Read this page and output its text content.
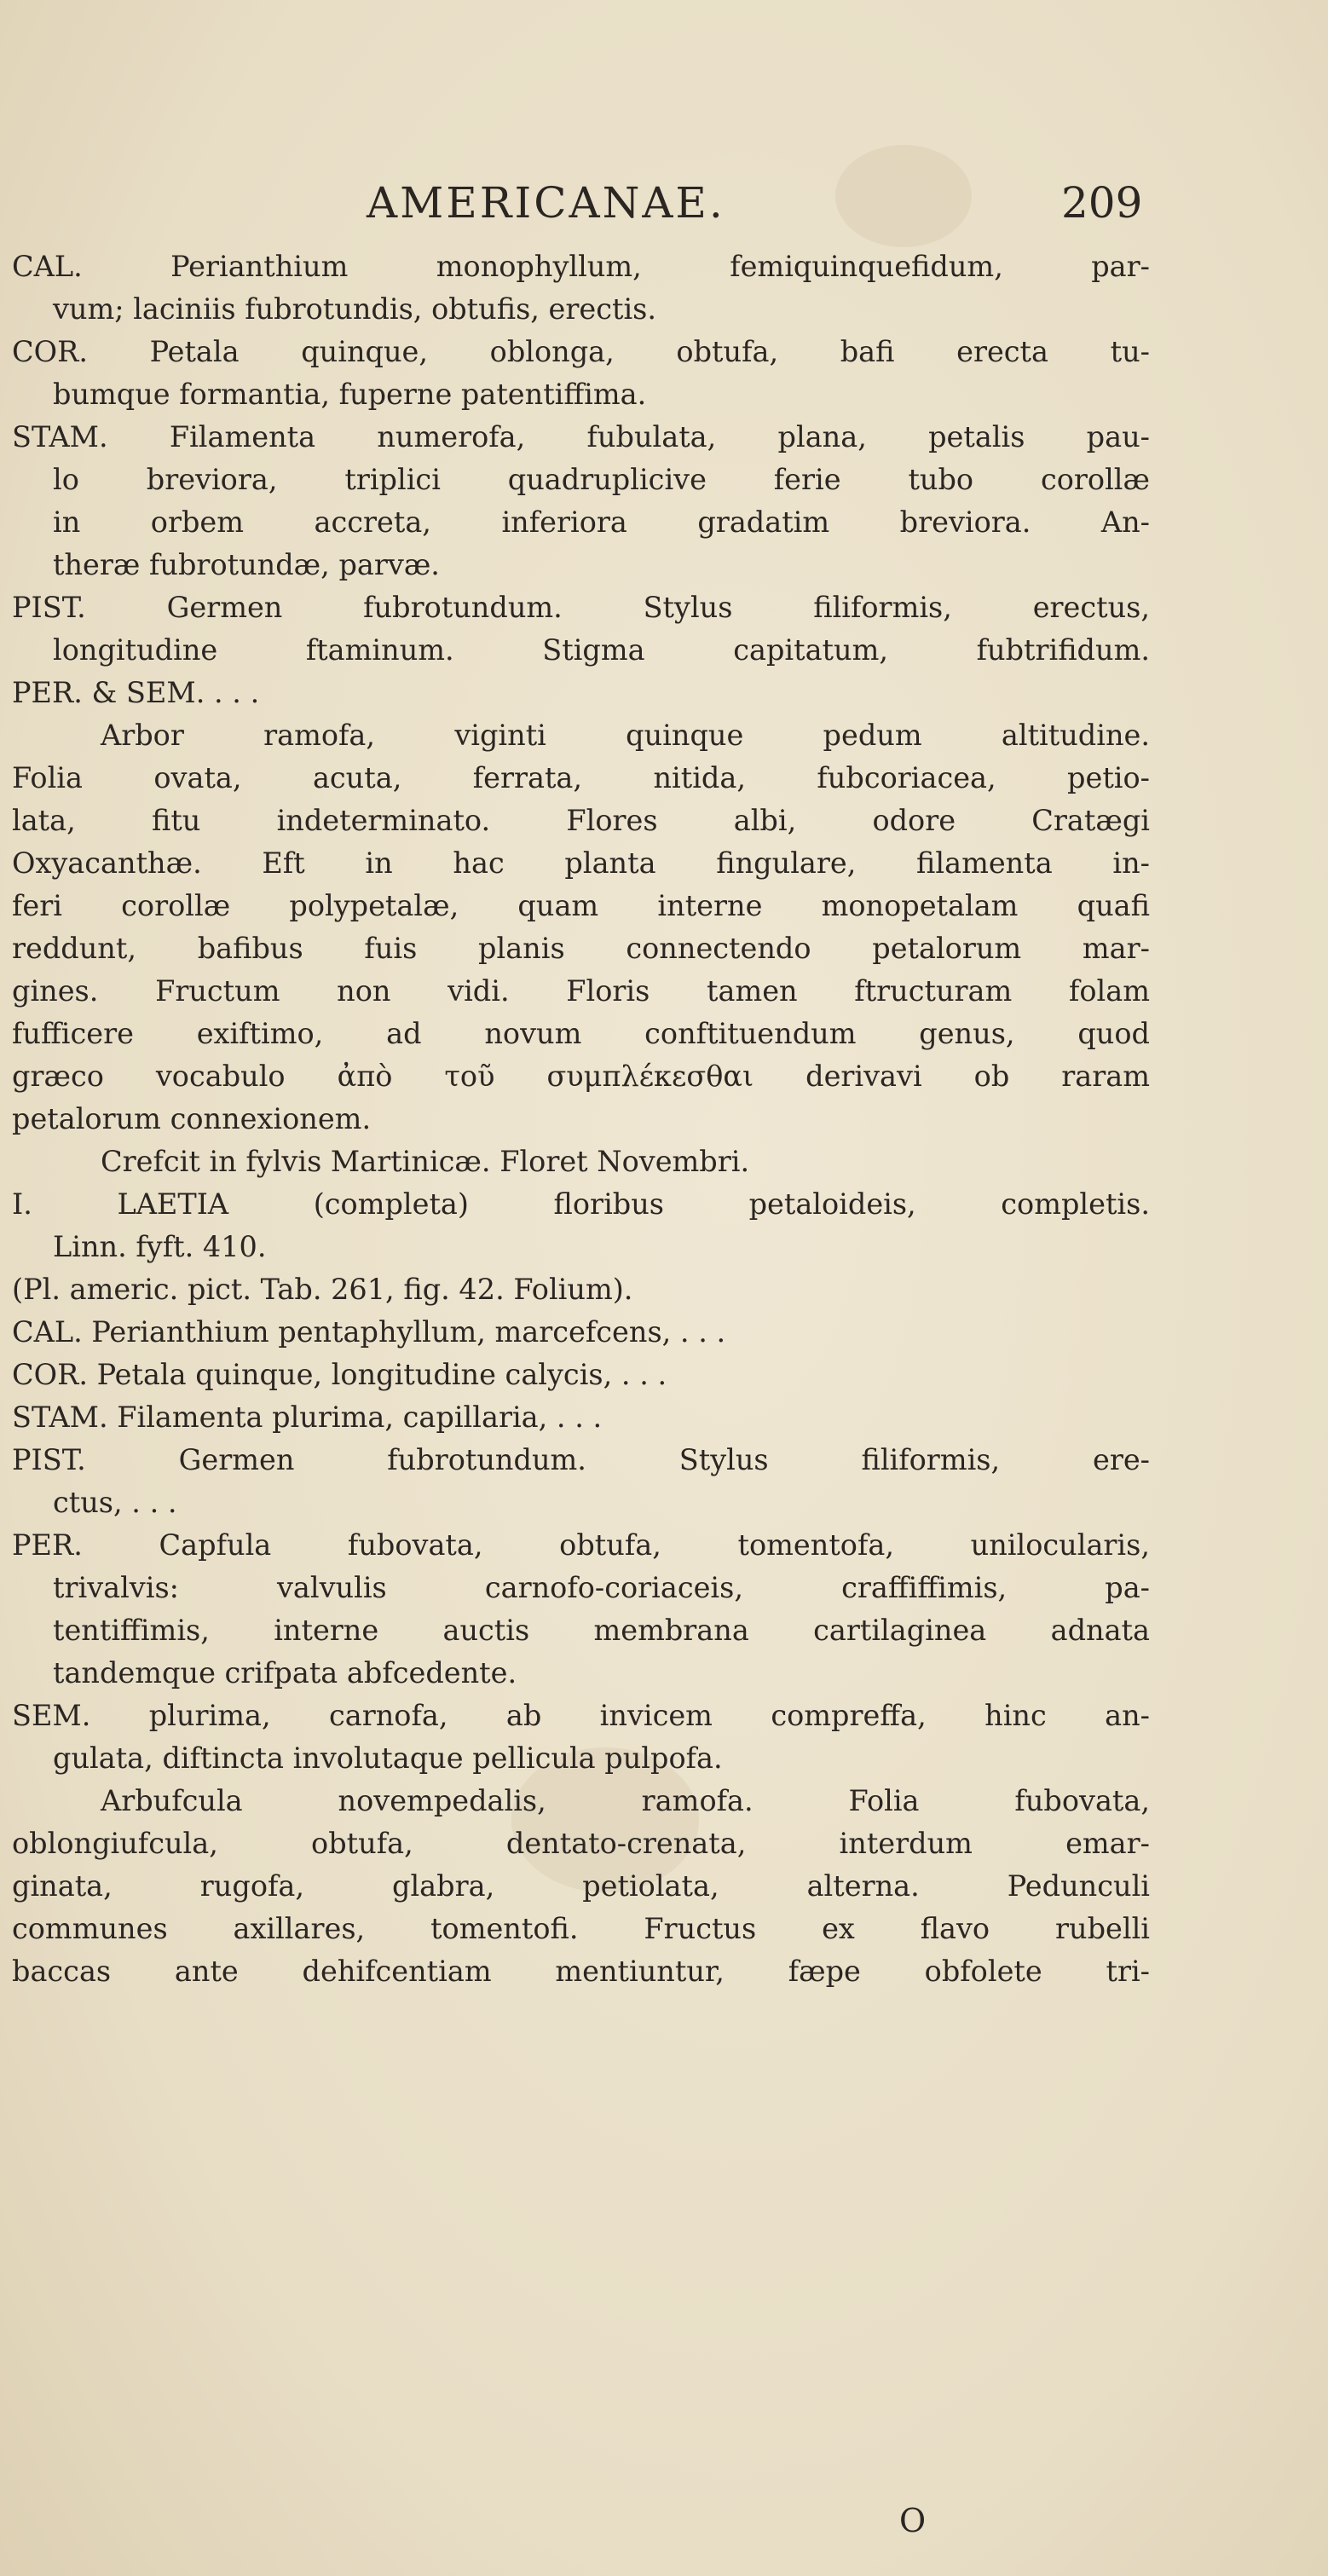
AMERICANAE.	209
CAL. Perianthium monophyllum, femiquinquefidum, par-
vum; laciniis fubrotundis, obtufis, erectis.
COR. Petala quinque, oblonga, obtufa, bafi erecta tu-
bumque formantia, fuperne patentiffima.
STAM. Filamenta numerofa, fubulata, plana, petalis pau-
lo breviora, triplici quadruplicive ferie tubo corollæ
in orbem accreta, inferiora gradatim breviora. An-
theræ fubrotundæ, parvæ.
PIST. Germen fubrotundum. Stylus filiformis, erectus,
longitudine ftaminum. Stigma capitatum, fubtrifidum.
PER. & SEM. . . .
Arbor ramofa, viginti quinque pedum altitudine.
Folia ovata, acuta, ferrata, nitida, fubcoriacea, petio-
lata, fitu indeterminato. Flores albi, odore Cratægi
Oxyacanthæ. Eft in hac planta fingulare, filamenta in-
feri corollæ polypetalæ, quam interne monopetalam quafi
reddunt, bafibus fuis planis connectendo petalorum mar-
gines. Fructum non vidi. Floris tamen ftructuram folam
fufficere exiftimo, ad novum conftituendum genus, quod
græco vocabulo ἀπὸ τοῦ συμπλέκεσθαι derivavi ob raram
petalorum connexionem.
Crefcit in fylvis Martinicæ. Floret Novembri.
I. LAETIA (completa) floribus petaloideis, completis.
Linn. fyft. 410.
(Pl. americ. pict. Tab. 261, fig. 42. Folium).
CAL. Perianthium pentaphyllum, marcefcens, . . .
COR. Petala quinque, longitudine calycis, . . .
STAM. Filamenta plurima, capillaria, . . .
PIST. Germen fubrotundum. Stylus filiformis, ere-
ctus, . . .
PER. Capfula fubovata, obtufa, tomentofa, unilocularis,
trivalvis: valvulis carnofo-coriaceis, craffiffimis, pa-
tentiffimis, interne auctis membrana cartilaginea adnata
tandemque crifpata abfcedente.
SEM. plurima, carnofa, ab invicem compreffa, hinc an-
gulata, diftincta involutaque pellicula pulpofa.
Arbufcula novempedalis, ramofa. Folia fubovata,
oblongiufcula, obtufa, dentato-crenata, interdum emar-
ginata, rugofa, glabra, petiolata, alterna. Pedunculi
communes axillares, tomentofi. Fructus ex flavo rubelli
baccas ante dehifcentiam mentiuntur, fæpe obfolete tri-
O
